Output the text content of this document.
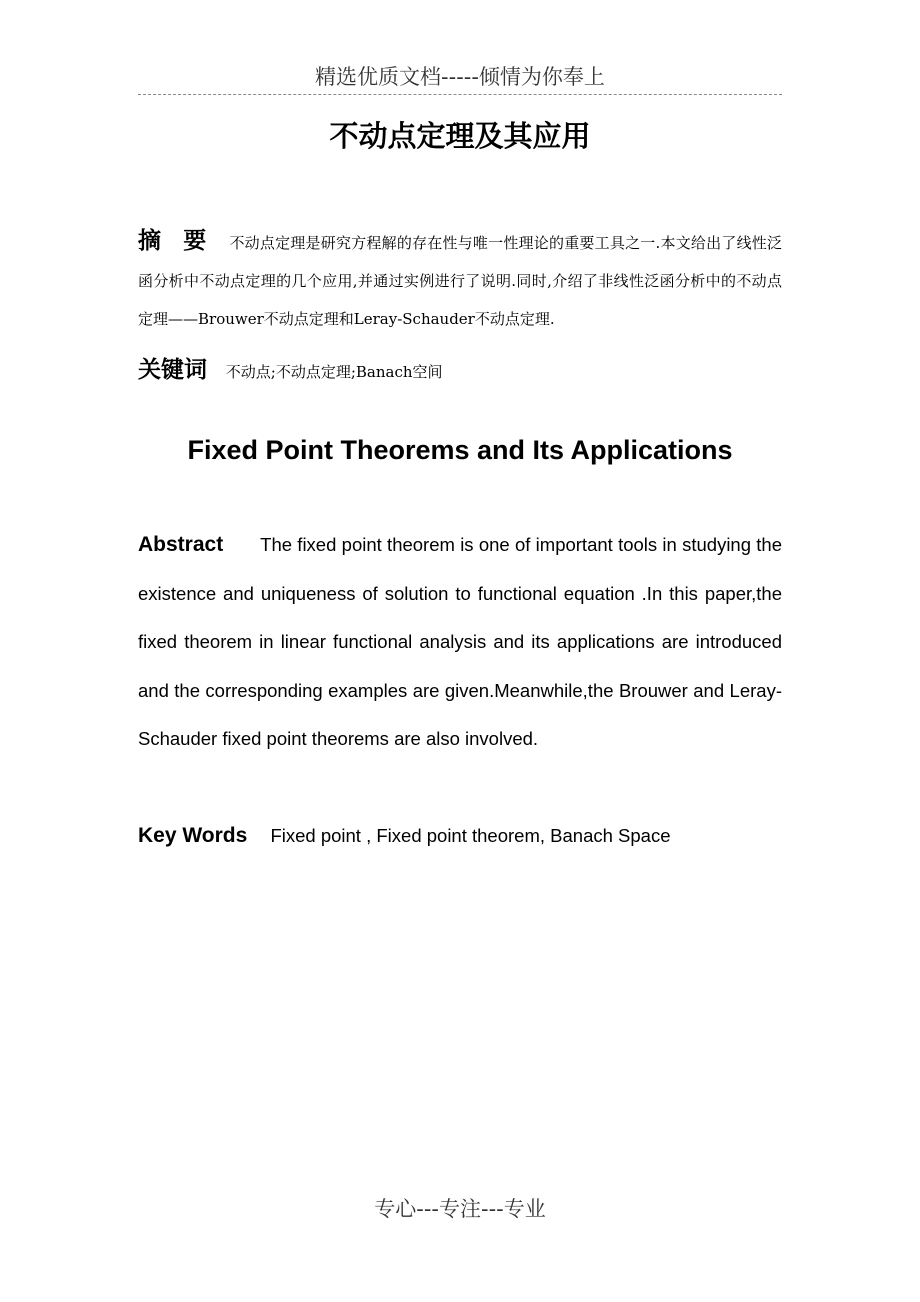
精选优质文档-----倾情为你奉上
不动点定理及其应用
摘要 不动点定理是研究方程解的存在性与唯一性理论的重要工具之一.本文给出了线性泛函分析中不动点定理的几个应用,并通过实例进行了说明.同时,介绍了非线性泛函分析中的不动点定理——Brouwer不动点定理和Leray-Schauder不动点定理.
关键词 不动点;不动点定理;Banach空间
Fixed Point Theorems and Its Applications
Abstract The fixed point theorem is one of important tools in studying the existence and uniqueness of solution to functional equation .In this paper,the fixed theorem in linear functional analysis and its applications are introduced and the corresponding examples are given.Meanwhile,the Brouwer and Leray-Schauder fixed point theorems are also involved.
Key Words Fixed point , Fixed point theorem, Banach Space
专心---专注---专业
